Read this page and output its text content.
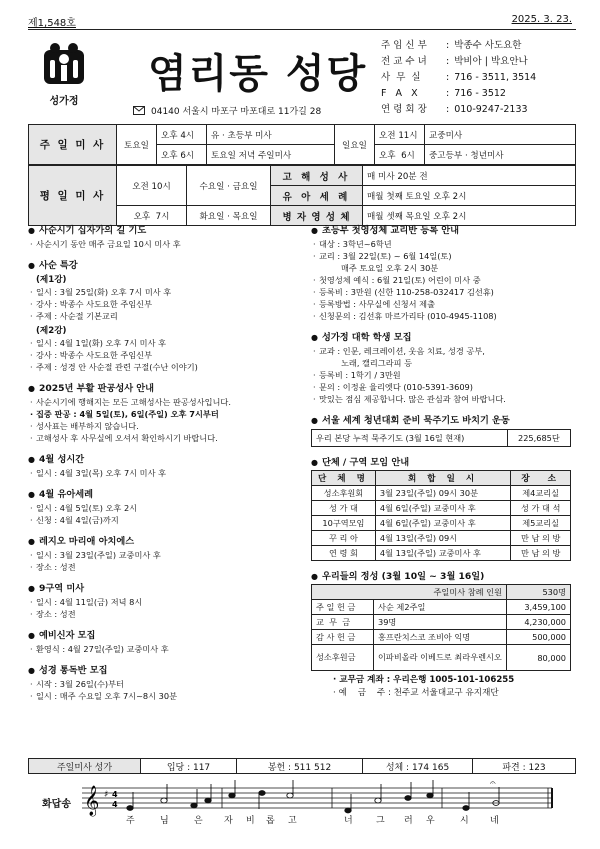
제1,548호	2025. 3. 23.
성가정
염리동 성당
04140 서울시 마포구 마포대로 11가길 28
주 임 신 부	: 박종수 사도요한
전 교 수 녀	: 박비아 | 박요안나
사  무  실	: 716 - 3511, 3514
F   A   X	: 716 - 3512
연 령 회 장	: 010-9247-2133
주 일 미 사	토요일	오후 4시	유 · 초등부 미사	일요일	오전 11시	교중미사
		오후 6시	토요일 저녁 주일미사		오후  6시	중고등부 · 청년미사
평 일 미 사	오전 10시	수요일 · 금요일	고 해 성 사	매 미사 20분 전
			유 아 세 례	매월 첫째 토요일 오후 2시
	오후  7시	화요일 · 목요일	병 자 영 성 체	매월 셋째 목요일 오후 2시
● 사순시기 십자가의 길 기도
· 사순시기 동안 매주 금요일 10시 미사 후
● 사순 특강
(제1강)
· 일시 : 3월 25일(화) 오후 7시 미사 후
· 강사 : 박종수 사도요한 주임신부
· 주제 : 사순절 기본교리
(제2강)
· 일시 : 4월 1일(화) 오후 7시 미사 후
· 강사 : 박종수 사도요한 주임신부
· 주제 : 성경 안 사순절 관련 구절(수난 이야기)
● 2025년 부활 판공성사 안내
· 사순시기에 행해지는 모든 고해성사는 판공성사입니다.
· 집중 판공 : 4월 5일(토), 6일(주일) 오후 7시부터
· 성사표는 배부하지 않습니다.
· 고해성사 후 사무실에 오셔서 확인하시기 바랍니다.
● 4월 성시간
· 일시 : 4월 3일(목) 오후 7시 미사 후
● 4월 유아세례
· 일시 : 4월 5일(토) 오후 2시
· 신청 : 4월 4일(금)까지
● 레지오 마리애 아치에스
· 일시 : 3월 23일(주일) 교중미사 후
· 장소 : 성전
● 9구역 미사
· 일시 : 4월 11일(금) 저녁 8시
· 장소 : 성전
● 예비신자 모집
· 환영식 : 4월 27일(주일) 교중미사 후
● 성경 통독반 모집
· 시작 : 3월 26일(수)부터
· 일시 : 매주 수요일 오후 7시~8시 30분
● 초등부 첫영성체 교리반 등록 안내
· 대상 : 3학년~6학년
· 교리 : 3월 22일(토) ~ 6월 14일(토)
매주 토요일 오후 2시 30분
· 첫영성체 예식 : 6월 21일(토) 어린이 미사 중
· 등록비 : 3만원 (신한 110-258-032417 김선휴)
· 등록방법 : 사무실에 신청서 제출
· 신청문의 : 김선휴 마르가리타 (010-4945-1108)
● 성가정 대학 학생 모집
· 교과 : 인문, 레크레이션, 웃음 치료, 성경 공부,
노래, 캘리그라피 등
· 등록비 : 1학기 / 3만원
· 문의 : 이정윤 율리엣다 (010-5391-3609)
· 맛있는 점심 제공합니다. 많은 관심과 참여 바랍니다.
● 서울 세계 청년대회 준비 묵주기도 바치기 운동
우리 본당 누적 묵주기도 (3월 16일 현재)	225,685단
● 단체 / 구역 모임 안내
단 체 명	회 합 일 시	장  소
성소후원회	3월 23일(주일) 09시 30분	제4교리실
성 가 대	4월 6일(주일) 교중미사 후	성 가 대 석
10구역모임	4월 6일(주일) 교중미사 후	제5교리실
꾸 리 아	4월 13일(주일) 09시	만 남 의 방
연 령 회	4월 13일(주일) 교중미사 후	만 남 의 방
● 우리들의 정성 (3월 10일 ~ 3월 16일)
주일미사 참례 인원		530명
주 일 헌 금	사순 제2주일	3,459,100
교  무  금	39명	4,230,000
감 사 헌 금	홍프란치스코 조비아 익명	500,000
성소후원금	이파비올라 이베드로 최라우렌시오	80,000
· 교무금 계좌 : 우리은행 1005-101-106255
· 예    금    주 : 천주교 서울대교구 유지재단
주일미사 성가	입당 : 117	봉헌 : 511 512	성체 : 174 165	파견 : 123
화답송 𝄞 ♯ 4
4
𝄐
주	님	은 자 비 롭 고	너	그 러 우	시 네
